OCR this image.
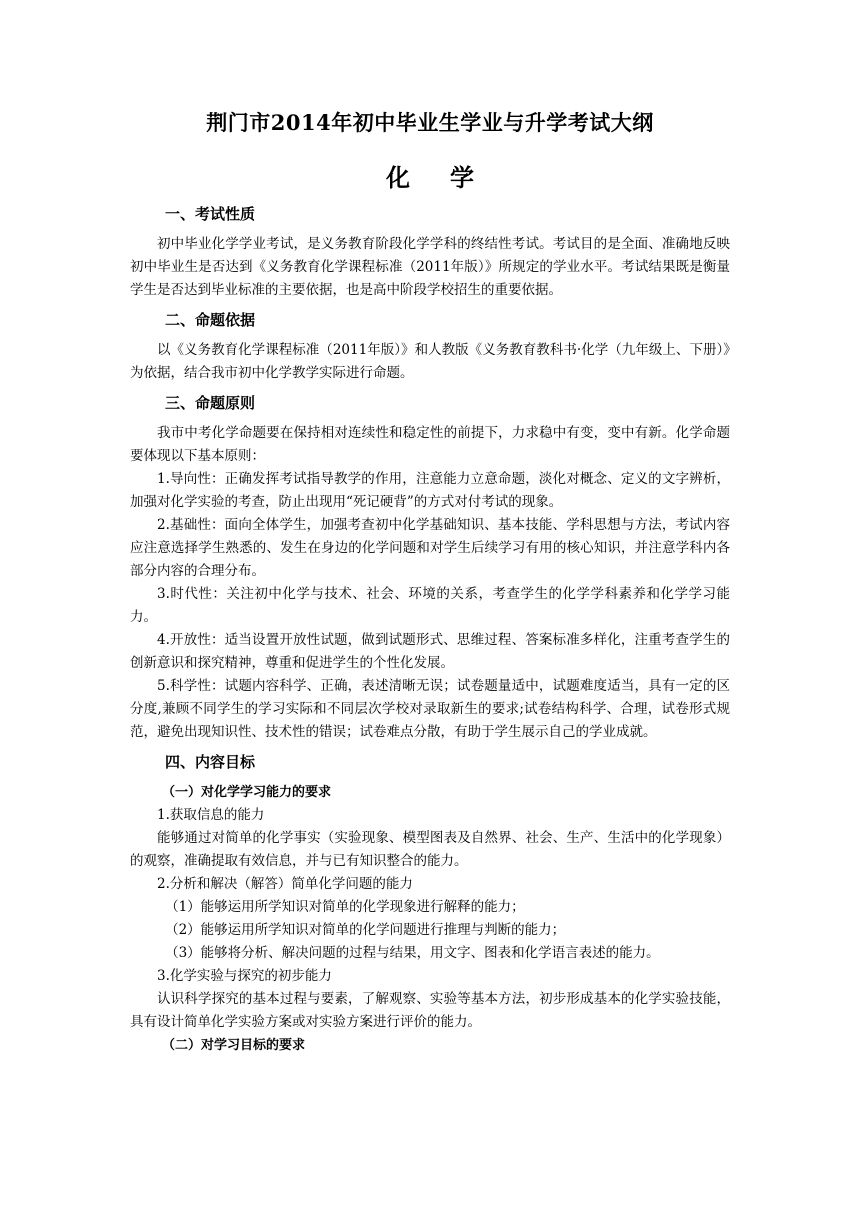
荆门市2014年初中毕业生学业与升学考试大纲
化学
一、考试性质

初中毕业化学学业考试，是义务教育阶段化学学科的终结性考试。考试目的是全面、准确地反映初中毕业生是否达到《义务教育化学课程标准（2011年版）》所规定的学业水平。考试结果既是衡量学生是否达到毕业标准的主要依据，也是高中阶段学校招生的重要依据。

二、命题依据

以《义务教育化学课程标准（2011年版）》和人教版《义务教育教科书·化学（九年级上、下册）》为依据，结合我市初中化学教学实际进行命题。

三、命题原则

我市中考化学命题要在保持相对连续性和稳定性的前提下，力求稳中有变，变中有新。化学命题要体现以下基本原则：

1.导向性：正确发挥考试指导教学的作用，注意能力立意命题，淡化对概念、定义的文字辨析，加强对化学实验的考查，防止出现用“死记硬背”的方式对付考试的现象。

2.基础性：面向全体学生，加强考查初中化学基础知识、基本技能、学科思想与方法，考试内容应注意选择学生熟悉的、发生在身边的化学问题和对学生后续学习有用的核心知识，并注意学科内各部分内容的合理分布。

3.时代性：关注初中化学与技术、社会、环境的关系，考查学生的化学学科素养和化学学习能力。

4.开放性：适当设置开放性试题，做到试题形式、思维过程、答案标准多样化，注重考查学生的创新意识和探究精神，尊重和促进学生的个性化发展。

5.科学性：试题内容科学、正确，表述清晰无误；试卷题量适中，试题难度适当，具有一定的区分度,兼顾不同学生的学习实际和不同层次学校对录取新生的要求;试卷结构科学、合理，试卷形式规范，避免出现知识性、技术性的错误；试卷难点分散，有助于学生展示自己的学业成就。

四、内容目标
（一）对化学学习能力的要求

1.获取信息的能力

能够通过对简单的化学事实（实验现象、模型图表及自然界、社会、生产、生活中的化学现象）的观察，准确提取有效信息，并与已有知识整合的能力。

2.分析和解决（解答）简单化学问题的能力

（1）能够运用所学知识对简单的化学现象进行解释的能力；

（2）能够运用所学知识对简单的化学问题进行推理与判断的能力；

（3）能够将分析、解决问题的过程与结果，用文字、图表和化学语言表述的能力。

3.化学实验与探究的初步能力

认识科学探究的基本过程与要素，了解观察、实验等基本方法，初步形成基本的化学实验技能，具有设计简单化学实验方案或对实验方案进行评价的能力。

（二）对学习目标的要求
